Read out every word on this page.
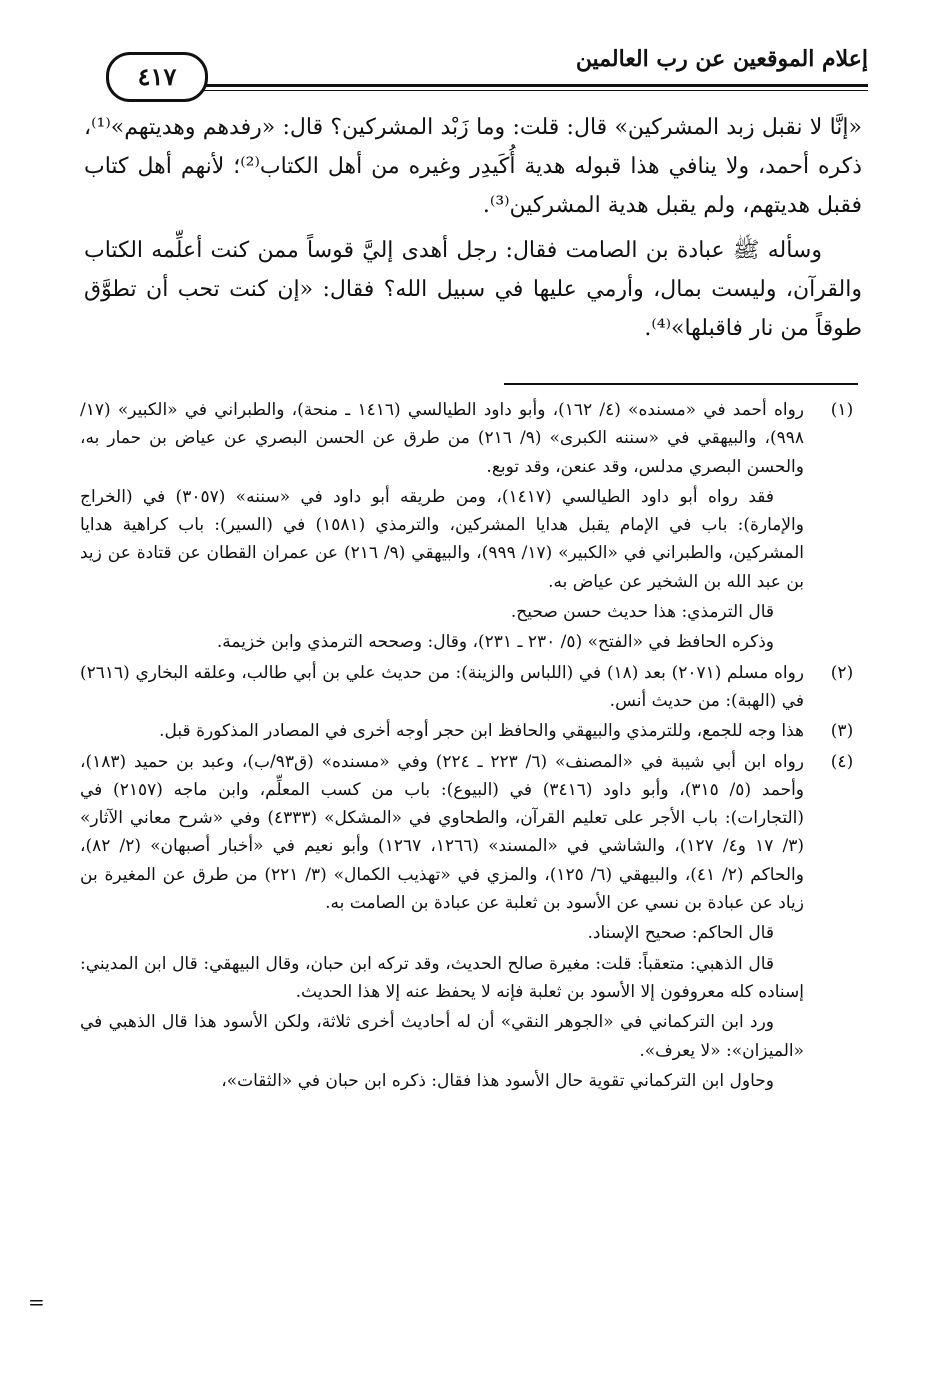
إعلام الموقعين عن رب العالمين
٤١٧

«إنَّا لا نقبل زبد المشركين» قال: قلت: وما زَبْد المشركين؟ قال: «رفدهم وهديتهم»⁽¹⁾، ذكره أحمد، ولا ينافي هذا قبوله هدية أُكَيدِر وغيره من أهل الكتاب⁽²⁾؛ لأنهم أهل كتاب فقبل هديتهم، ولم يقبل هدية المشركين⁽³⁾.

وسأله ﷺ عبادة بن الصامت فقال: رجل أهدى إليَّ قوساً ممن كنت أعلِّمه الكتاب والقرآن، وليست بمال، وأرمي عليها في سبيل الله؟ فقال: «إن كنت تحب أن تطوَّق طوقاً من نار فاقبلها»⁽⁴⁾.

(١)

رواه أحمد في «مسنده» (٤/ ١٦٢)، وأبو داود الطيالسي (١٤١٦ ـ منحة)، والطبراني في «الكبير» (١٧/ ٩٩٨)، والبيهقي في «سننه الكبرى» (٩/ ٢١٦) من طرق عن الحسن البصري عن عياض بن حمار به، والحسن البصري مدلس، وقد عنعن، وقد توبع.

فقد رواه أبو داود الطيالسي (١٤١٧)، ومن طريقه أبو داود في «سننه» (٣٠٥٧) في (الخراج والإمارة): باب في الإمام يقبل هدايا المشركين، والترمذي (١٥٨١) في (السير): باب كراهية هدايا المشركين، والطبراني في «الكبير» (١٧/ ٩٩٩)، والبيهقي (٩/ ٢١٦) عن عمران القطان عن قتادة عن زيد بن عبد الله بن الشخير عن عياض به.

قال الترمذي: هذا حديث حسن صحيح.

وذكره الحافظ في «الفتح» (٥/ ٢٣٠ ـ ٢٣١)، وقال: وصححه الترمذي وابن خزيمة.

(٢)

رواه مسلم (٢٠٧١) بعد (١٨) في (اللباس والزينة): من حديث علي بن أبي طالب، وعلقه البخاري (٢٦١٦) في (الهبة): من حديث أنس.

(٣)

هذا وجه للجمع، وللترمذي والبيهقي والحافظ ابن حجر أوجه أخرى في المصادر المذكورة قبل.

(٤)

رواه ابن أبي شيبة في «المصنف» (٦/ ٢٢٣ ـ ٢٢٤) وفي «مسنده» (ق٩٣/ب)، وعبد بن حميد (١٨٣)، وأحمد (٥/ ٣١٥)، وأبو داود (٣٤١٦) في (البيوع): باب من كسب المعلِّم، وابن ماجه (٢١٥٧) في (التجارات): باب الأجر على تعليم القرآن، والطحاوي في «المشكل» (٤٣٣٣) وفي «شرح معاني الآثار» (٣/ ١٧ و٤/ ١٢٧)، والشاشي في «المسند» (١٢٦٦، ١٢٦٧) وأبو نعيم في «أخبار أصبهان» (٢/ ٨٢)، والحاكم (٢/ ٤١)، والبيهقي (٦/ ١٢٥)، والمزي في «تهذيب الكمال» (٣/ ٢٢١) من طرق عن المغيرة بن زياد عن عبادة بن نسي عن الأسود بن ثعلبة عن عبادة بن الصامت به.

قال الحاكم: صحيح الإسناد.

قال الذهبي: متعقباً: قلت: مغيرة صالح الحديث، وقد تركه ابن حبان، وقال البيهقي: قال ابن المديني: إسناده كله معروفون إلا الأسود بن ثعلبة فإنه لا يحفظ عنه إلا هذا الحديث.

ورد ابن التركماني في «الجوهر النقي» أن له أحاديث أخرى ثلاثة، ولكن الأسود هذا قال الذهبي في «الميزان»: «لا يعرف».

وحاول ابن التركماني تقوية حال الأسود هذا فقال: ذكره ابن حبان في «الثقات»،

=
